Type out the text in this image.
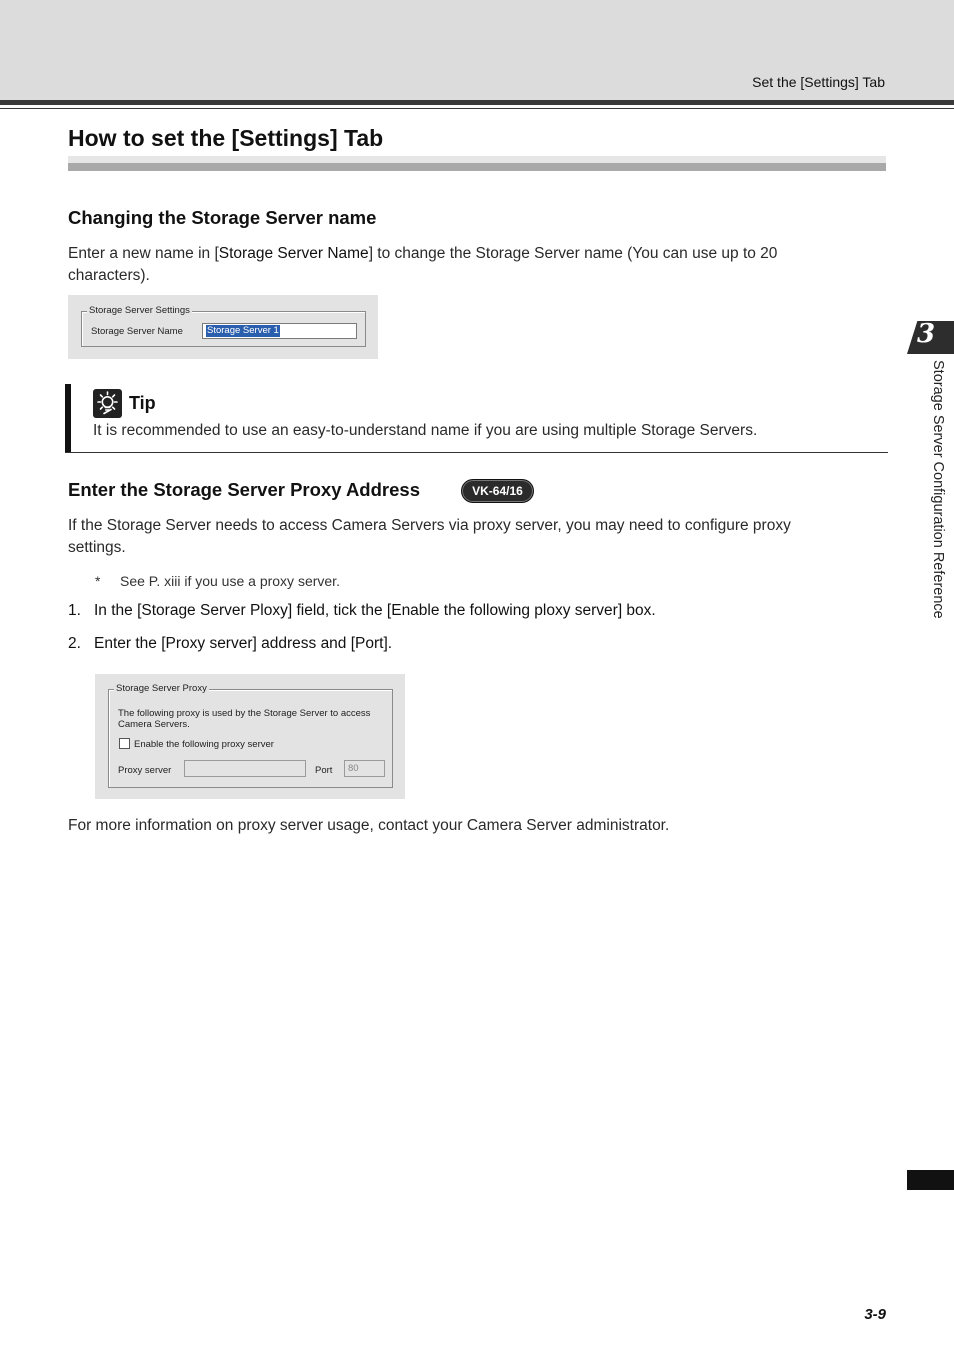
Set the [Settings] Tab
How to set the [Settings] Tab
Changing the Storage Server name
Enter a new name in [Storage Server Name] to change the Storage Server name (You can use up to 20
characters).
Storage Server Settings
Storage Server Name	Storage Server 1
Tip
It is recommended to use an easy-to-understand name if you are using multiple Storage Servers.
Enter the Storage Server Proxy Address	VK-64/16
If the Storage Server needs to access Camera Servers via proxy server, you may need to configure proxy
settings.
* See P. xiii if you use a proxy server.
1. In the [Storage Server Ploxy] field, tick the [Enable the following ploxy server] box.
2. Enter the [Proxy server] address and [Port].
Storage Server Proxy
The following proxy is used by the Storage Server to access
Camera Servers.
Enable the following proxy server
Proxy server	Port 80
For more information on proxy server usage, contact your Camera Server administrator.
3
Storage Server Configuration Reference
3-9
